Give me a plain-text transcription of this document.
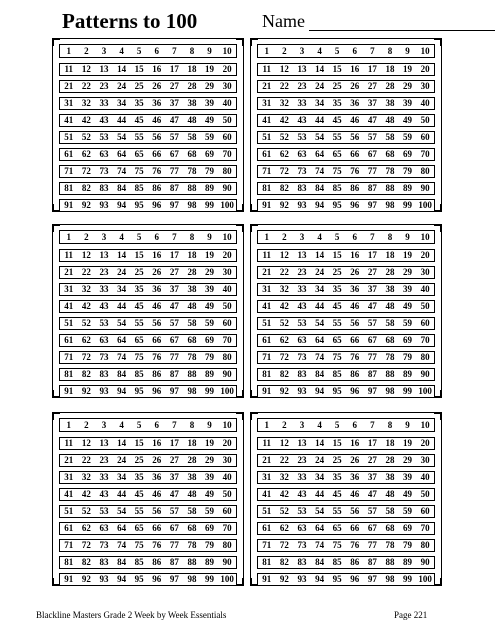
Patterns to 100	Name
1	2	3	4	5	6	7	8	9	10
11 12 13 14 15 16 17 18 19 20
21 22 23 24 25 26 27 28 29 30
31 32 33 34 35 36 37 38 39 40
41 42 43 44 45 46 47 48 49 50
51 52 53 54 55 56 57 58 59 60
61 62 63 64 65 66 67 68 69 70
71 72 73 74 75 76 77 78 79 80
81 82 83 84 85 86 87 88 89 90
91 92 93 94 95 96 97 98 99 100
1	2	3	4	5	6	7	8	9	10
11 12 13 14 15 16 17 18 19 20
21 22 23 24 25 26 27 28 29 30
31 32 33 34 35 36 37 38 39 40
41 42 43 44 45 46 47 48 49 50
51 52 53 54 55 56 57 58 59 60
61 62 63 64 65 66 67 68 69 70
71 72 73 74 75 76 77 78 79 80
81 82 83 84 85 86 87 88 89 90
91 92 93 94 95 96 97 98 99 100
1	2	3	4	5	6	7	8	9	10
11 12 13 14 15 16 17 18 19 20
21 22 23 24 25 26 27 28 29 30
31 32 33 34 35 36 37 38 39 40
41 42 43 44 45 46 47 48 49 50
51 52 53 54 55 56 57 58 59 60
61 62 63 64 65 66 67 68 69 70
71 72 73 74 75 76 77 78 79 80
81 82 83 84 85 86 87 88 89 90
91 92 93 94 95 96 97 98 99 100
1	2	3	4	5	6	7	8	9	10
11 12 13 14 15 16 17 18 19 20
21 22 23 24 25 26 27 28 29 30
31 32 33 34 35 36 37 38 39 40
41 42 43 44 45 46 47 48 49 50
51 52 53 54 55 56 57 58 59 60
61 62 63 64 65 66 67 68 69 70
71 72 73 74 75 76 77 78 79 80
81 82 83 84 85 86 87 88 89 90
91 92 93 94 95 96 97 98 99 100
1	2	3	4	5	6	7	8	9	10
11 12 13 14 15 16 17 18 19 20
21 22 23 24 25 26 27 28 29 30
31 32 33 34 35 36 37 38 39 40
41 42 43 44 45 46 47 48 49 50
51 52 53 54 55 56 57 58 59 60
61 62 63 64 65 66 67 68 69 70
71 72 73 74 75 76 77 78 79 80
81 82 83 84 85 86 87 88 89 90
91 92 93 94 95 96 97 98 99 100
1	2	3	4	5	6	7	8	9	10
11 12 13 14 15 16 17 18 19 20
21 22 23 24 25 26 27 28 29 30
31 32 33 34 35 36 37 38 39 40
41 42 43 44 45 46 47 48 49 50
51 52 53 54 55 56 57 58 59 60
61 62 63 64 65 66 67 68 69 70
71 72 73 74 75 76 77 78 79 80
81 82 83 84 85 86 87 88 89 90
91 92 93 94 95 96 97 98 99 100
Blackline Masters Grade 2 Week by Week Essentials	Page 221
